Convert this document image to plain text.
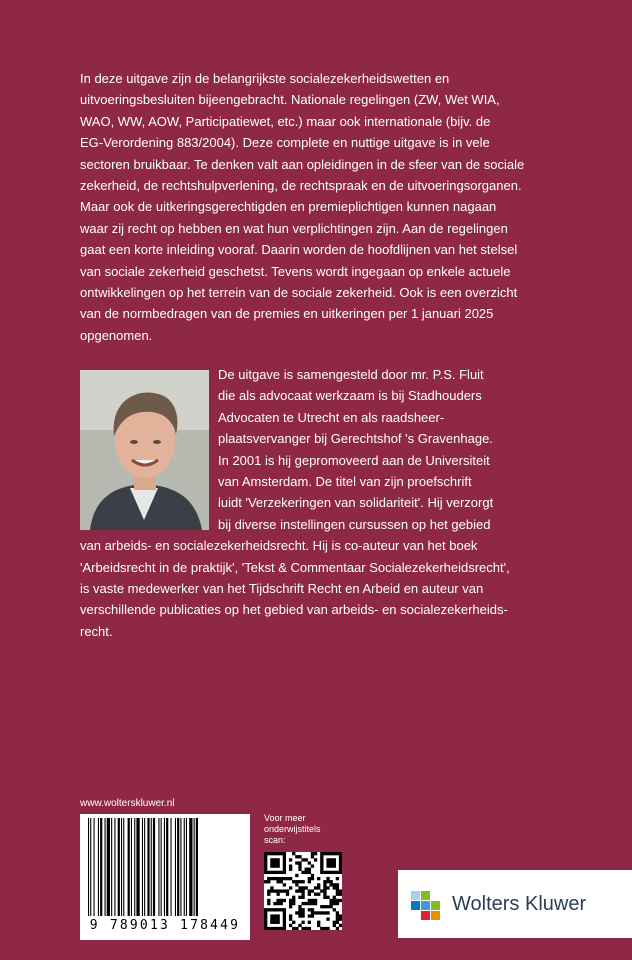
In deze uitgave zijn de belangrijkste socialezekerheidswetten en
uitvoeringsbesluiten bijeengebracht. Nationale regelingen (ZW, Wet WIA,
WAO, WW, AOW, Participatiewet, etc.) maar ook internationale (bijv. de
EG-Verordening 883/2004). Deze complete en nuttige uitgave is in vele
sectoren bruikbaar. Te denken valt aan opleidingen in de sfeer van de sociale
zekerheid, de rechtshulpverlening, de rechtspraak en de uitvoeringsorganen.
Maar ook de uitkeringsgerechtigden en premieplichtigen kunnen nagaan
waar zij recht op hebben en wat hun verplichtingen zijn. Aan de regelingen
gaat een korte inleiding vooraf. Daarin worden de hoofdlijnen van het stelsel
van sociale zekerheid geschetst. Tevens wordt ingegaan op enkele actuele
ontwikkelingen op het terrein van de sociale zekerheid. Ook is een overzicht
van de normbedragen van de premies en uitkeringen per 1 januari 2025
opgenomen.
De uitgave is samengesteld door mr. P.S. Fluit
die als advocaat werkzaam is bij Stadhouders
Advocaten te Utrecht en als raadsheer-
plaatsvervanger bij Gerechtshof 's Gravenhage.
In 2001 is hij gepromoveerd aan de Universiteit
van Amsterdam. De titel van zijn proefschrift
luidt 'Verzekeringen van solidariteit'. Hij verzorgt
bij diverse instellingen cursussen op het gebied
van arbeids- en socialezekerheidsrecht. Hij is co-auteur van het boek
'Arbeidsrecht in de praktijk', 'Tekst & Commentaar Socialezekerheidsrecht',
is vaste medewerker van het Tijdschrift Recht en Arbeid en auteur van
verschillende publicaties op het gebied van arbeids- en socialezekerheids-
recht.
www.wolterskluwer.nl
9 789013 178449
Voor meer
onderwijstitels
scan:
Wolters Kluwer
